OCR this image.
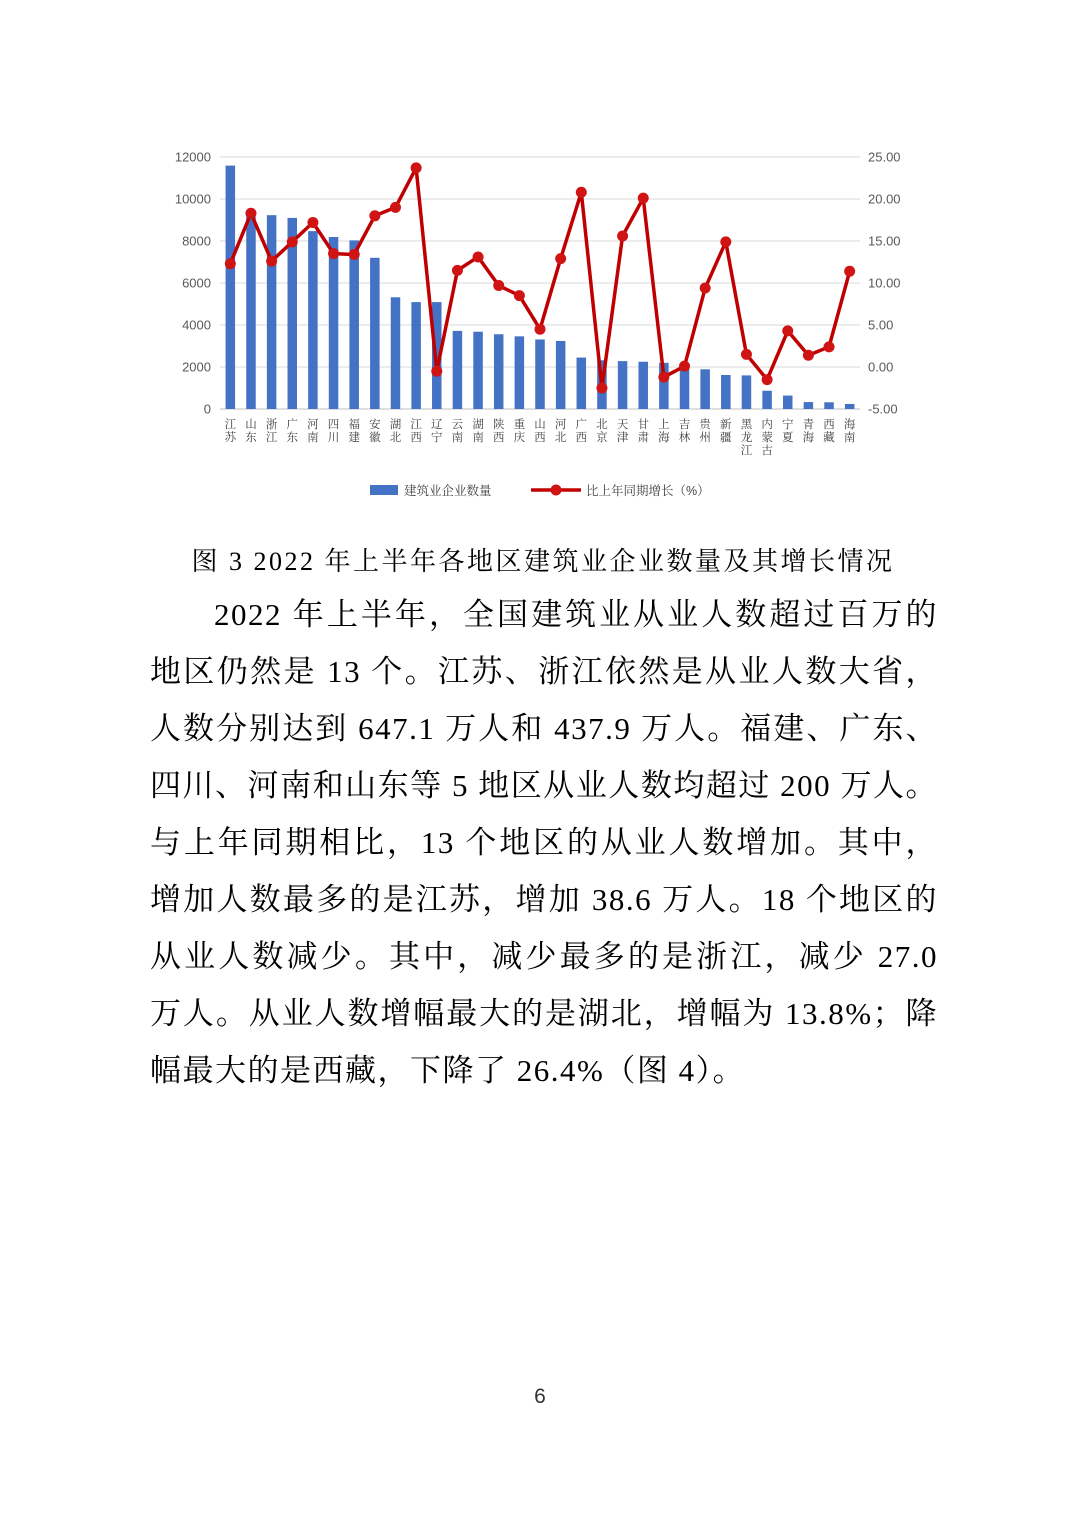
0
2000
4000
6000
8000
10000
12000
-5.00
0.00
5.00
10.00
15.00
20.00
25.00
江苏
山东
浙江
广东
河南
四川
福建
安徽
湖北
江西
辽宁
云南
湖南
陕西
重庆
山西
河北
广西
北京
天津
甘肃
上海
吉林
贵州
新疆
黑龙江
内蒙古
宁夏
青海
西藏
海南
建筑业企业数量	比上年同期增长（%）
图 3 2022 年上半年各地区建筑业企业数量及其增长情况
2022 年上半年，全国建筑业从业人数超过百万的地区仍然是 13 个。江苏、浙江依然是从业人数大省，人数分别达到 647.1 万人和 437.9 万人。福建、广东、四川、河南和山东等 5 地区从业人数均超过 200 万人。与上年同期相比，13 个地区的从业人数增加。其中，增加人数最多的是江苏，增加 38.6 万人。18 个地区的从业人数减少。其中，减少最多的是浙江，减少 27.0 万人。从业人数增幅最大的是湖北，增幅为 13.8%；降幅最大的是西藏，下降了 26.4%（图 4）。
6
